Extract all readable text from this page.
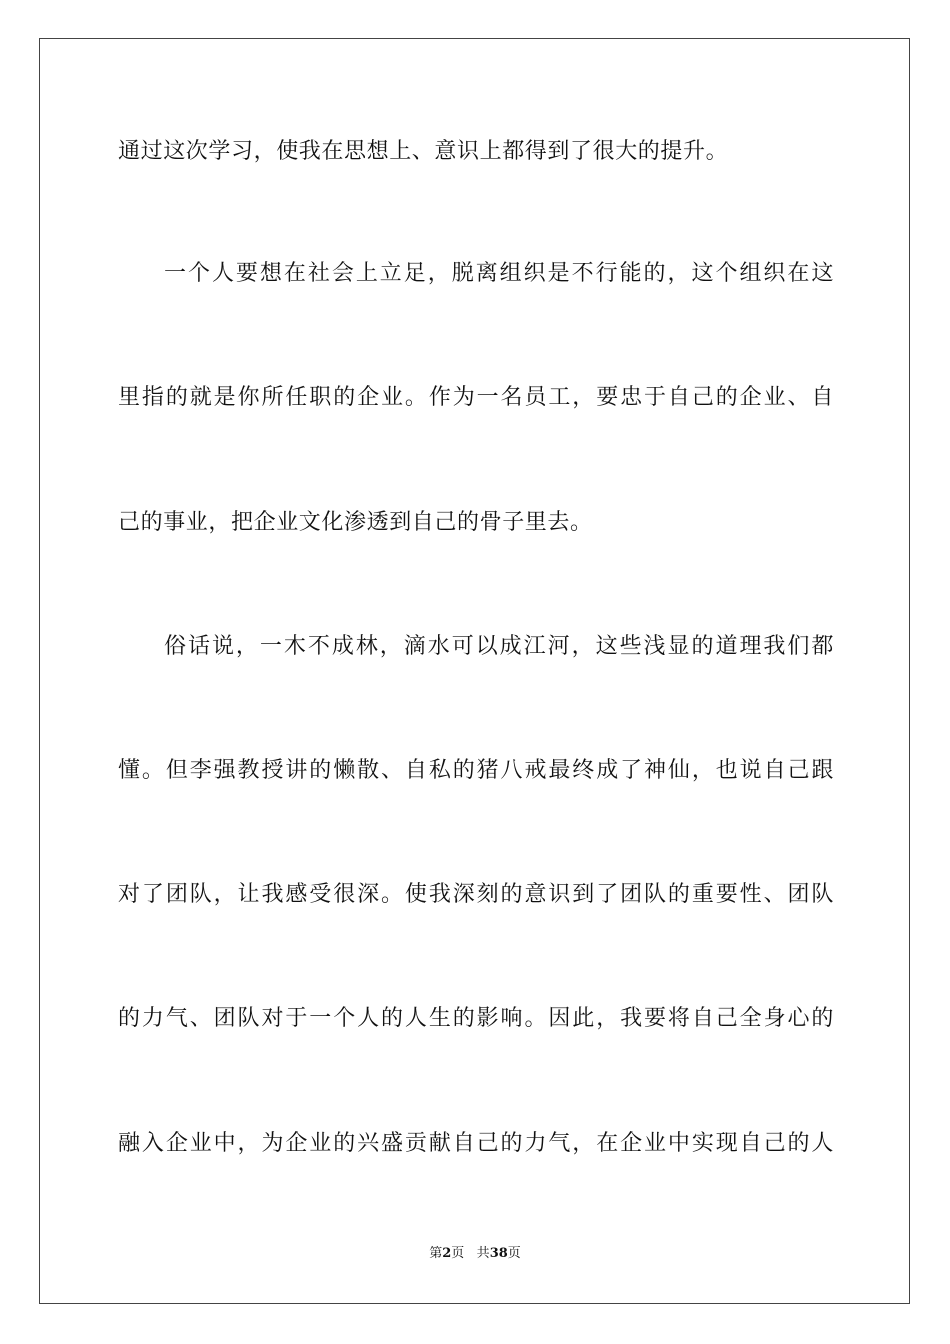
通过这次学习，使我在思想上、意识上都得到了很大的提升。
一个人要想在社会上立足，脱离组织是不行能的，这个组织在这
里指的就是你所任职的企业。作为一名员工，要忠于自己的企业、自
己的事业，把企业文化渗透到自己的骨子里去。
俗话说，一木不成林，滴水可以成江河，这些浅显的道理我们都
懂。但李强教授讲的懒散、自私的猪八戒最终成了神仙，也说自己跟
对了团队，让我感受很深。使我深刻的意识到了团队的重要性、团队
的力气、团队对于一个人的人生的影响。因此，我要将自己全身心的
融入企业中，为企业的兴盛贡献自己的力气，在企业中实现自己的人
第2页 共38页
